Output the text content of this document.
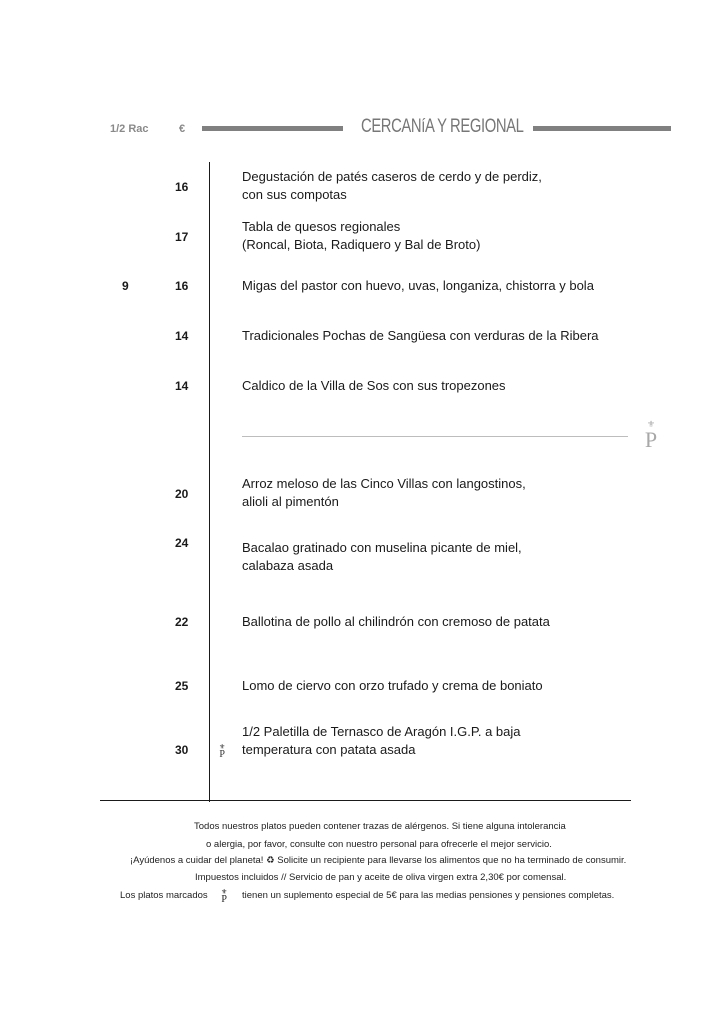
1/2 Rac	€	CERCANíA Y REGIONAL
⚜
P
16
Degustación de patés caseros de cerdo y de perdiz,
con sus compotas
17
Tabla de quesos regionales
(Roncal, Biota, Radiquero y Bal de Broto)
9	16	Migas del pastor con huevo, uvas, longaniza, chistorra y bola
14	Tradicionales Pochas de Sangüesa con verduras de la Ribera
14	Caldico de la Villa de Sos con sus tropezones
20
Arroz meloso de las Cinco Villas con langostinos,
alioli al pimentón
24	Bacalao gratinado con muselina picante de miel,
calabaza asada
22	Ballotina de pollo al chilindrón con cremoso de patata
25	Lomo de ciervo con orzo trufado y crema de boniato
30	⚜
P
1/2 Paletilla de Ternasco de Aragón I.G.P. a baja
temperatura con patata asada
Todos nuestros platos pueden contener trazas de alérgenos. Si tiene alguna intolerancia
o alergia, por favor, consulte con nuestro personal para ofrecerle el mejor servicio.
¡Ayúdenos a cuidar del planeta! ♻ Solicite un recipiente para llevarse los alimentos que no ha terminado de consumir.
Impuestos incluidos // Servicio de pan y aceite de oliva virgen extra 2,30€ por comensal.
Los platos marcados ⚜
P tienen un suplemento especial de 5€ para las medias pensiones y pensiones completas.
